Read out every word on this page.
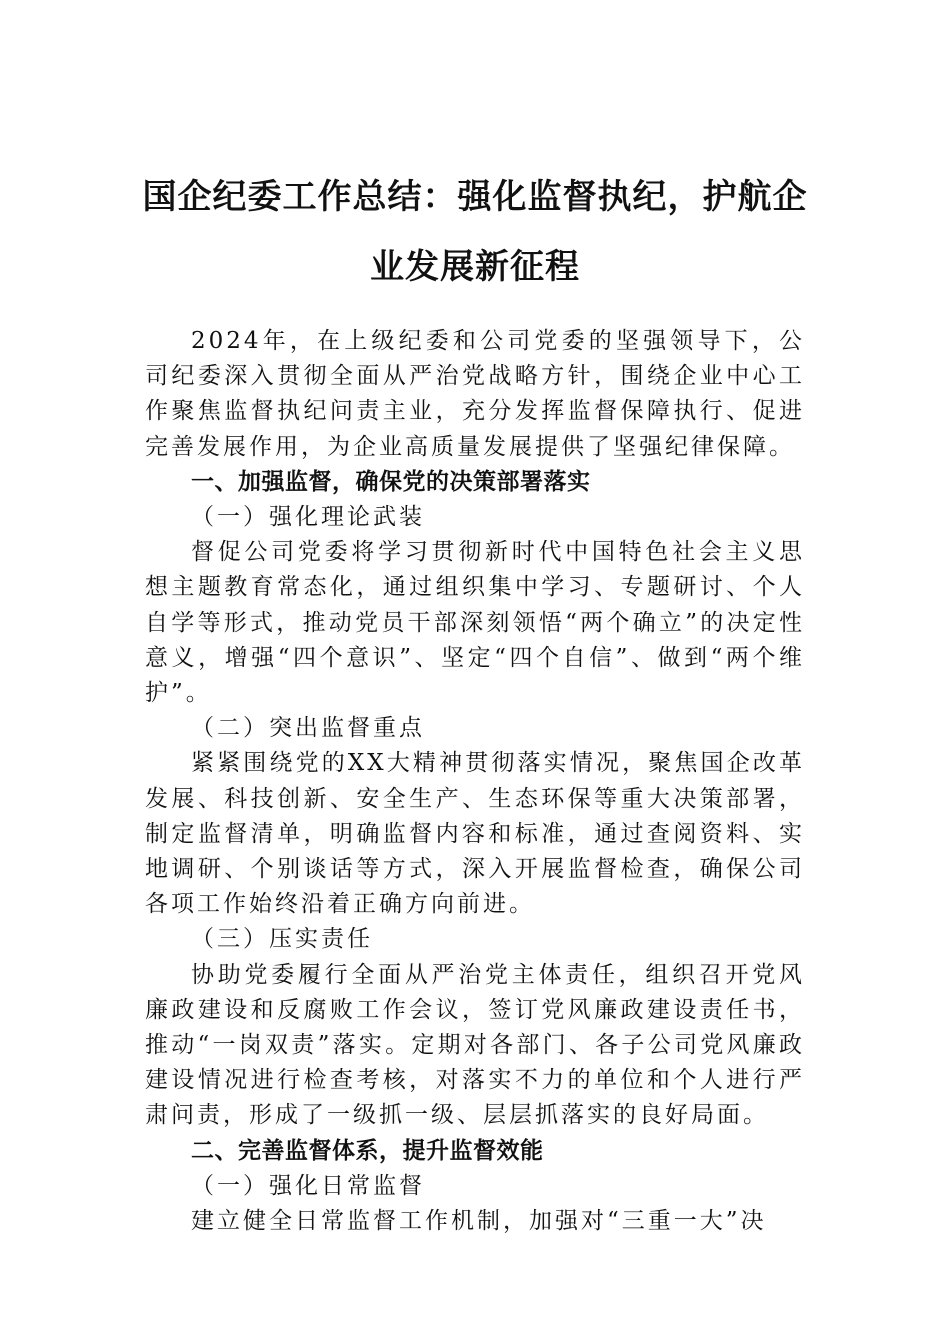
国企纪委工作总结：强化监督执纪，护航企业发展新征程

2024年，在上级纪委和公司党委的坚强领导下，公司纪委深入贯彻全面从严治党战略方针，围绕企业中心工作聚焦监督执纪问责主业，充分发挥监督保障执行、促进完善发展作用，为企业高质量发展提供了坚强纪律保障。

一、加强监督，确保党的决策部署落实

（一）强化理论武装

督促公司党委将学习贯彻新时代中国特色社会主义思想主题教育常态化，通过组织集中学习、专题研讨、个人自学等形式，推动党员干部深刻领悟“两个确立”的决定性意义，增强“四个意识”、坚定“四个自信”、做到“两个维护”。

（二）突出监督重点

紧紧围绕党的XX大精神贯彻落实情况，聚焦国企改革发展、科技创新、安全生产、生态环保等重大决策部署，制定监督清单，明确监督内容和标准，通过查阅资料、实地调研、个别谈话等方式，深入开展监督检查，确保公司各项工作始终沿着正确方向前进。

（三）压实责任

协助党委履行全面从严治党主体责任，组织召开党风廉政建设和反腐败工作会议，签订党风廉政建设责任书，推动“一岗双责”落实。定期对各部门、各子公司党风廉政建设情况进行检查考核，对落实不力的单位和个人进行严肃问责，形成了一级抓一级、层层抓落实的良好局面。

二、完善监督体系，提升监督效能

（一）强化日常监督

建立健全日常监督工作机制，加强对“三重一大”决
